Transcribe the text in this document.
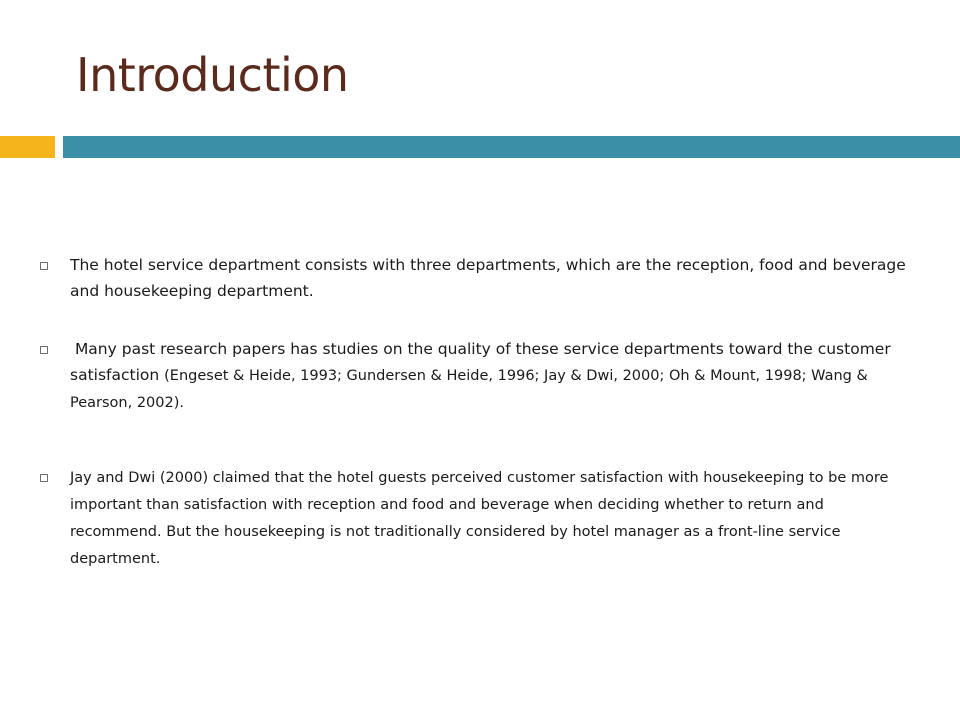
Introduction
The hotel service department consists with three departments, which are the reception, food and beverage and housekeeping department.
Many past research papers has studies on the quality of these service departments toward the customer satisfaction (Engeset & Heide, 1993; Gundersen & Heide, 1996; Jay & Dwi, 2000; Oh & Mount, 1998; Wang & Pearson, 2002).
Jay and Dwi (2000) claimed that the hotel guests perceived customer satisfaction with housekeeping to be more important than satisfaction with reception and food and beverage when deciding whether to return and recommend. But the housekeeping is not traditionally considered by hotel manager as a front-line service department.
